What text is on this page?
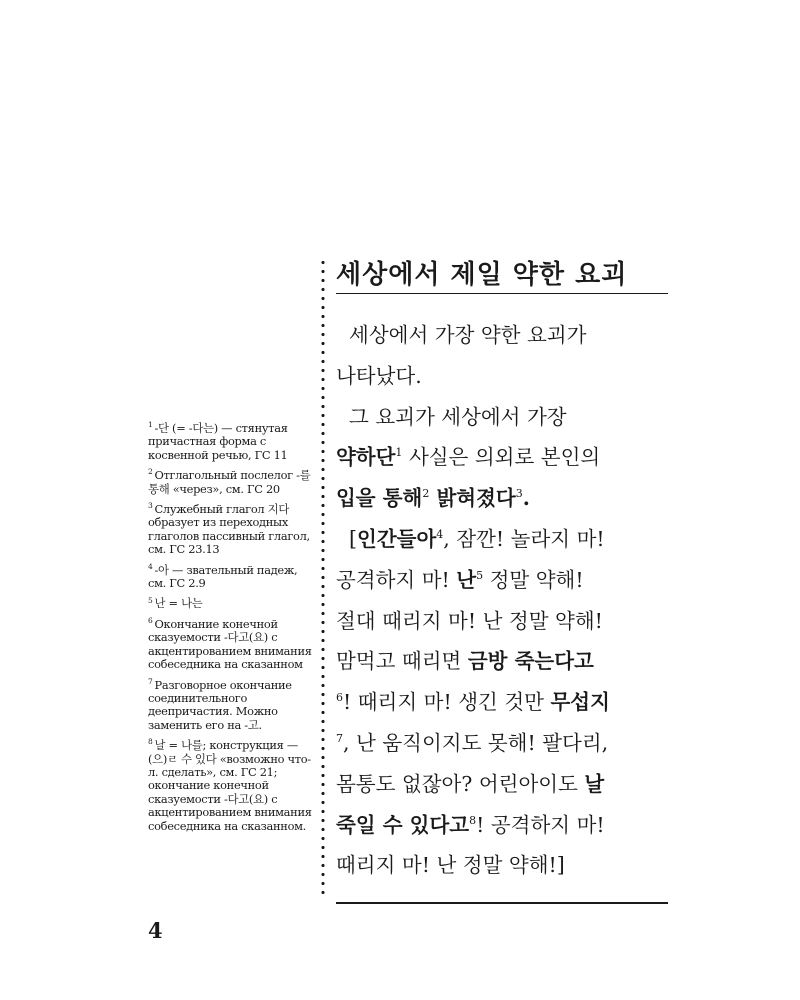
세상에서 제일 약한 요괴
세상에서 가장 약한 요괴가
나타났다.
그 요괴가 세상에서 가장
약하단$^1$ 사실은 의외로 본인의
입을 통해$^2$ 밝혀졌다$^3$.
[인간들아$^4$, 잠깐! 놀라지 마!
공격하지 마! 난$^5$ 정말 약해!
절대 때리지 마! 난 정말 약해!
맘먹고 때리면 금방 죽는다고
$^6$! 때리지 마! 생긴 것만 무섭지
$^7$, 난 움직이지도 못해! 팔다리,
몸통도 없잖아? 어린아이도 날
죽일 수 있다고$^8$! 공격하지 마!
때리지 마! 난 정말 약해!]
$^1$ -단 (= -다는) — стянутая причастная форма с косвенной речью, ГС 11
$^2$ Отглагольный послелог -를 통해 «через», см. ГС 20
$^3$ Служебный глагол 지다 образует из переходных глаголов пассивный глагол, см. ГС 23.13
$^4$ -아 — звательный падеж, см. ГС 2.9
$^5$ 난 = 나는
$^6$ Окончание конечной сказуемости -다고(요) с акцентированием внимания собеседника на сказанном
$^7$ Разговорное окончание соединительного деепричастия. Можно заменить его на -고.
$^8$ 날 = 나를; конструкция —(으)ㄹ 수 있다 «возможно что-л. сделать», см. ГС 21; окончание конечной сказуемости -다고(요) с акцентированием внимания собеседника на сказанном.
4
